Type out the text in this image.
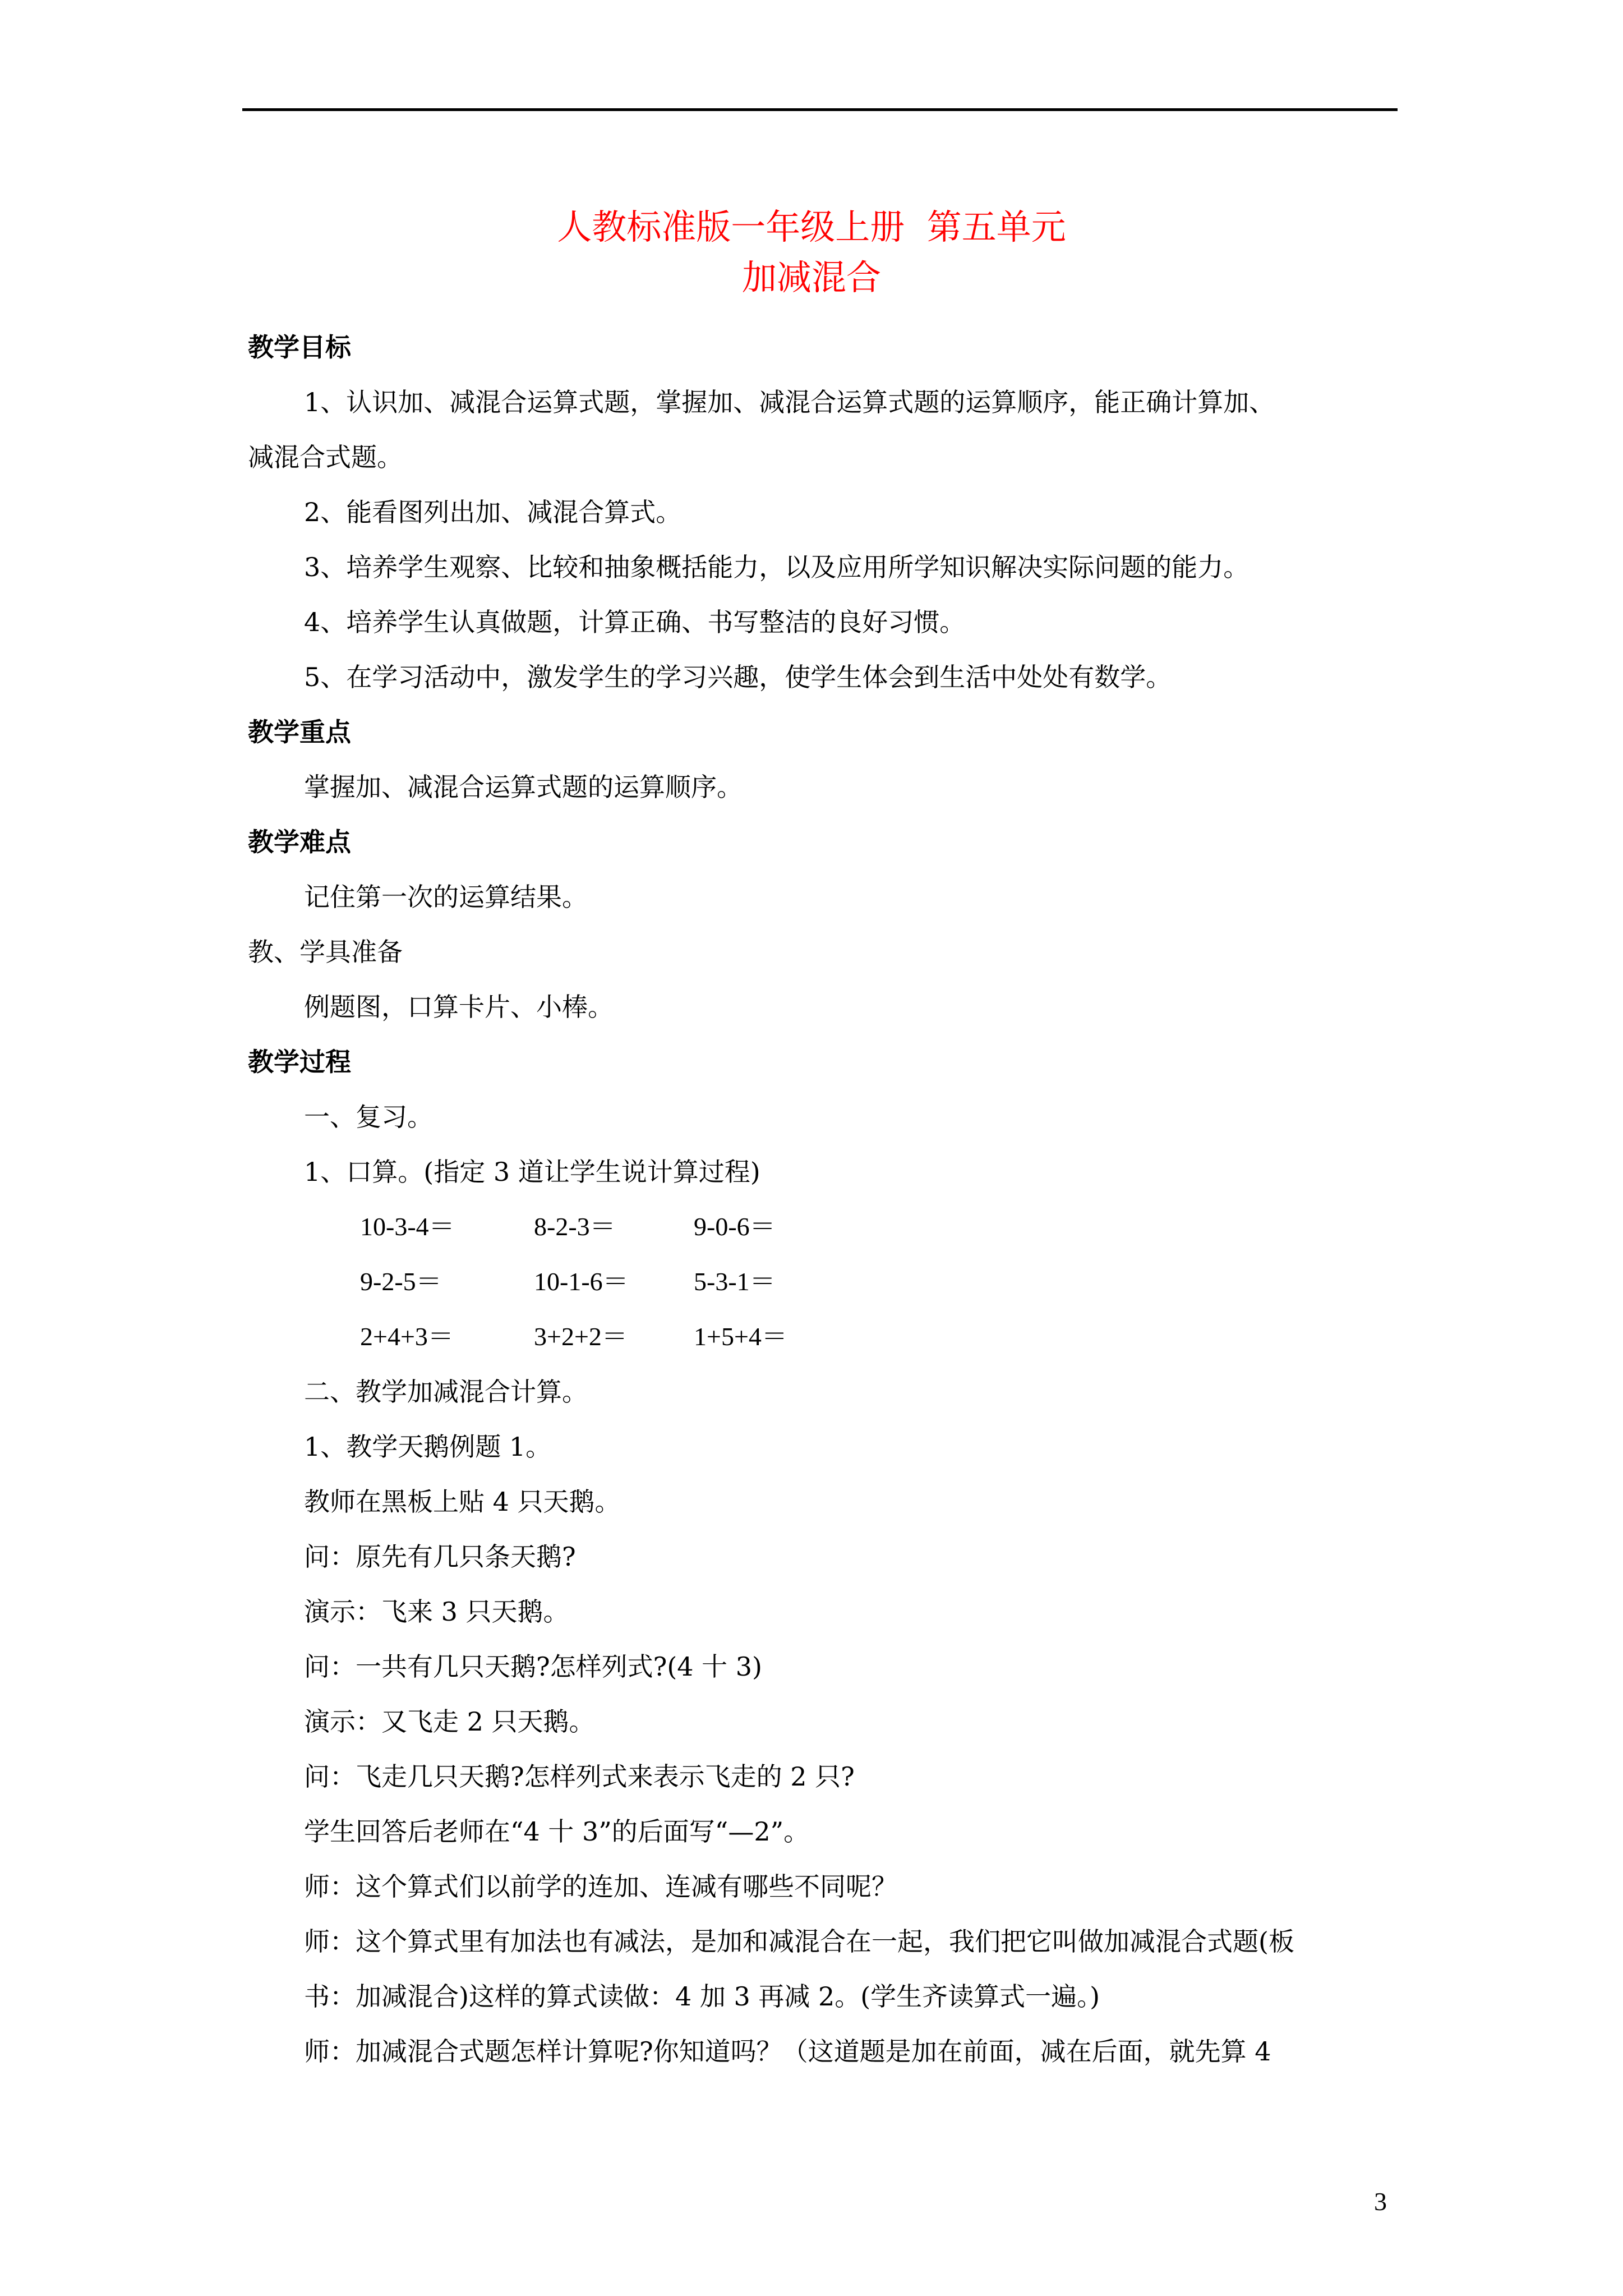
人教标准版一年级上册  第五单元
加减混合
教学目标
1、认识加、减混合运算式题，掌握加、减混合运算式题的运算顺序，能正确计算加、
减混合式题。
2、能看图列出加、减混合算式。
3、培养学生观察、比较和抽象概括能力，以及应用所学知识解决实际问题的能力。
4、培养学生认真做题，计算正确、书写整洁的良好习惯。
5、在学习活动中，激发学生的学习兴趣，使学生体会到生活中处处有数学。
教学重点
掌握加、减混合运算式题的运算顺序。
教学难点
记住第一次的运算结果。
教、学具准备
例题图，口算卡片、小棒。
教学过程
一、复习。
1、口算。(指定 3 道让学生说计算过程)
10-3-4＝	8-2-3＝	9-0-6＝
9-2-5＝	10-1-6＝	5-3-1＝
2+4+3＝	3+2+2＝	1+5+4＝
二、教学加减混合计算。
1、教学天鹅例题 1。
教师在黑板上贴 4 只天鹅。
问：原先有几只条天鹅?
演示：飞来 3 只天鹅。
问：一共有几只天鹅?怎样列式?(4 十 3)
演示：又飞走 2 只天鹅。
问：飞走几只天鹅?怎样列式来表示飞走的 2 只?
学生回答后老师在“4 十 3”的后面写“—2”。
师：这个算式们以前学的连加、连减有哪些不同呢？
师：这个算式里有加法也有减法，是加和减混合在一起，我们把它叫做加减混合式题(板
书：加减混合)这样的算式读做：4 加 3 再减 2。(学生齐读算式一遍。)
师：加减混合式题怎样计算呢?你知道吗？（这道题是加在前面，减在后面，就先算 4
3
